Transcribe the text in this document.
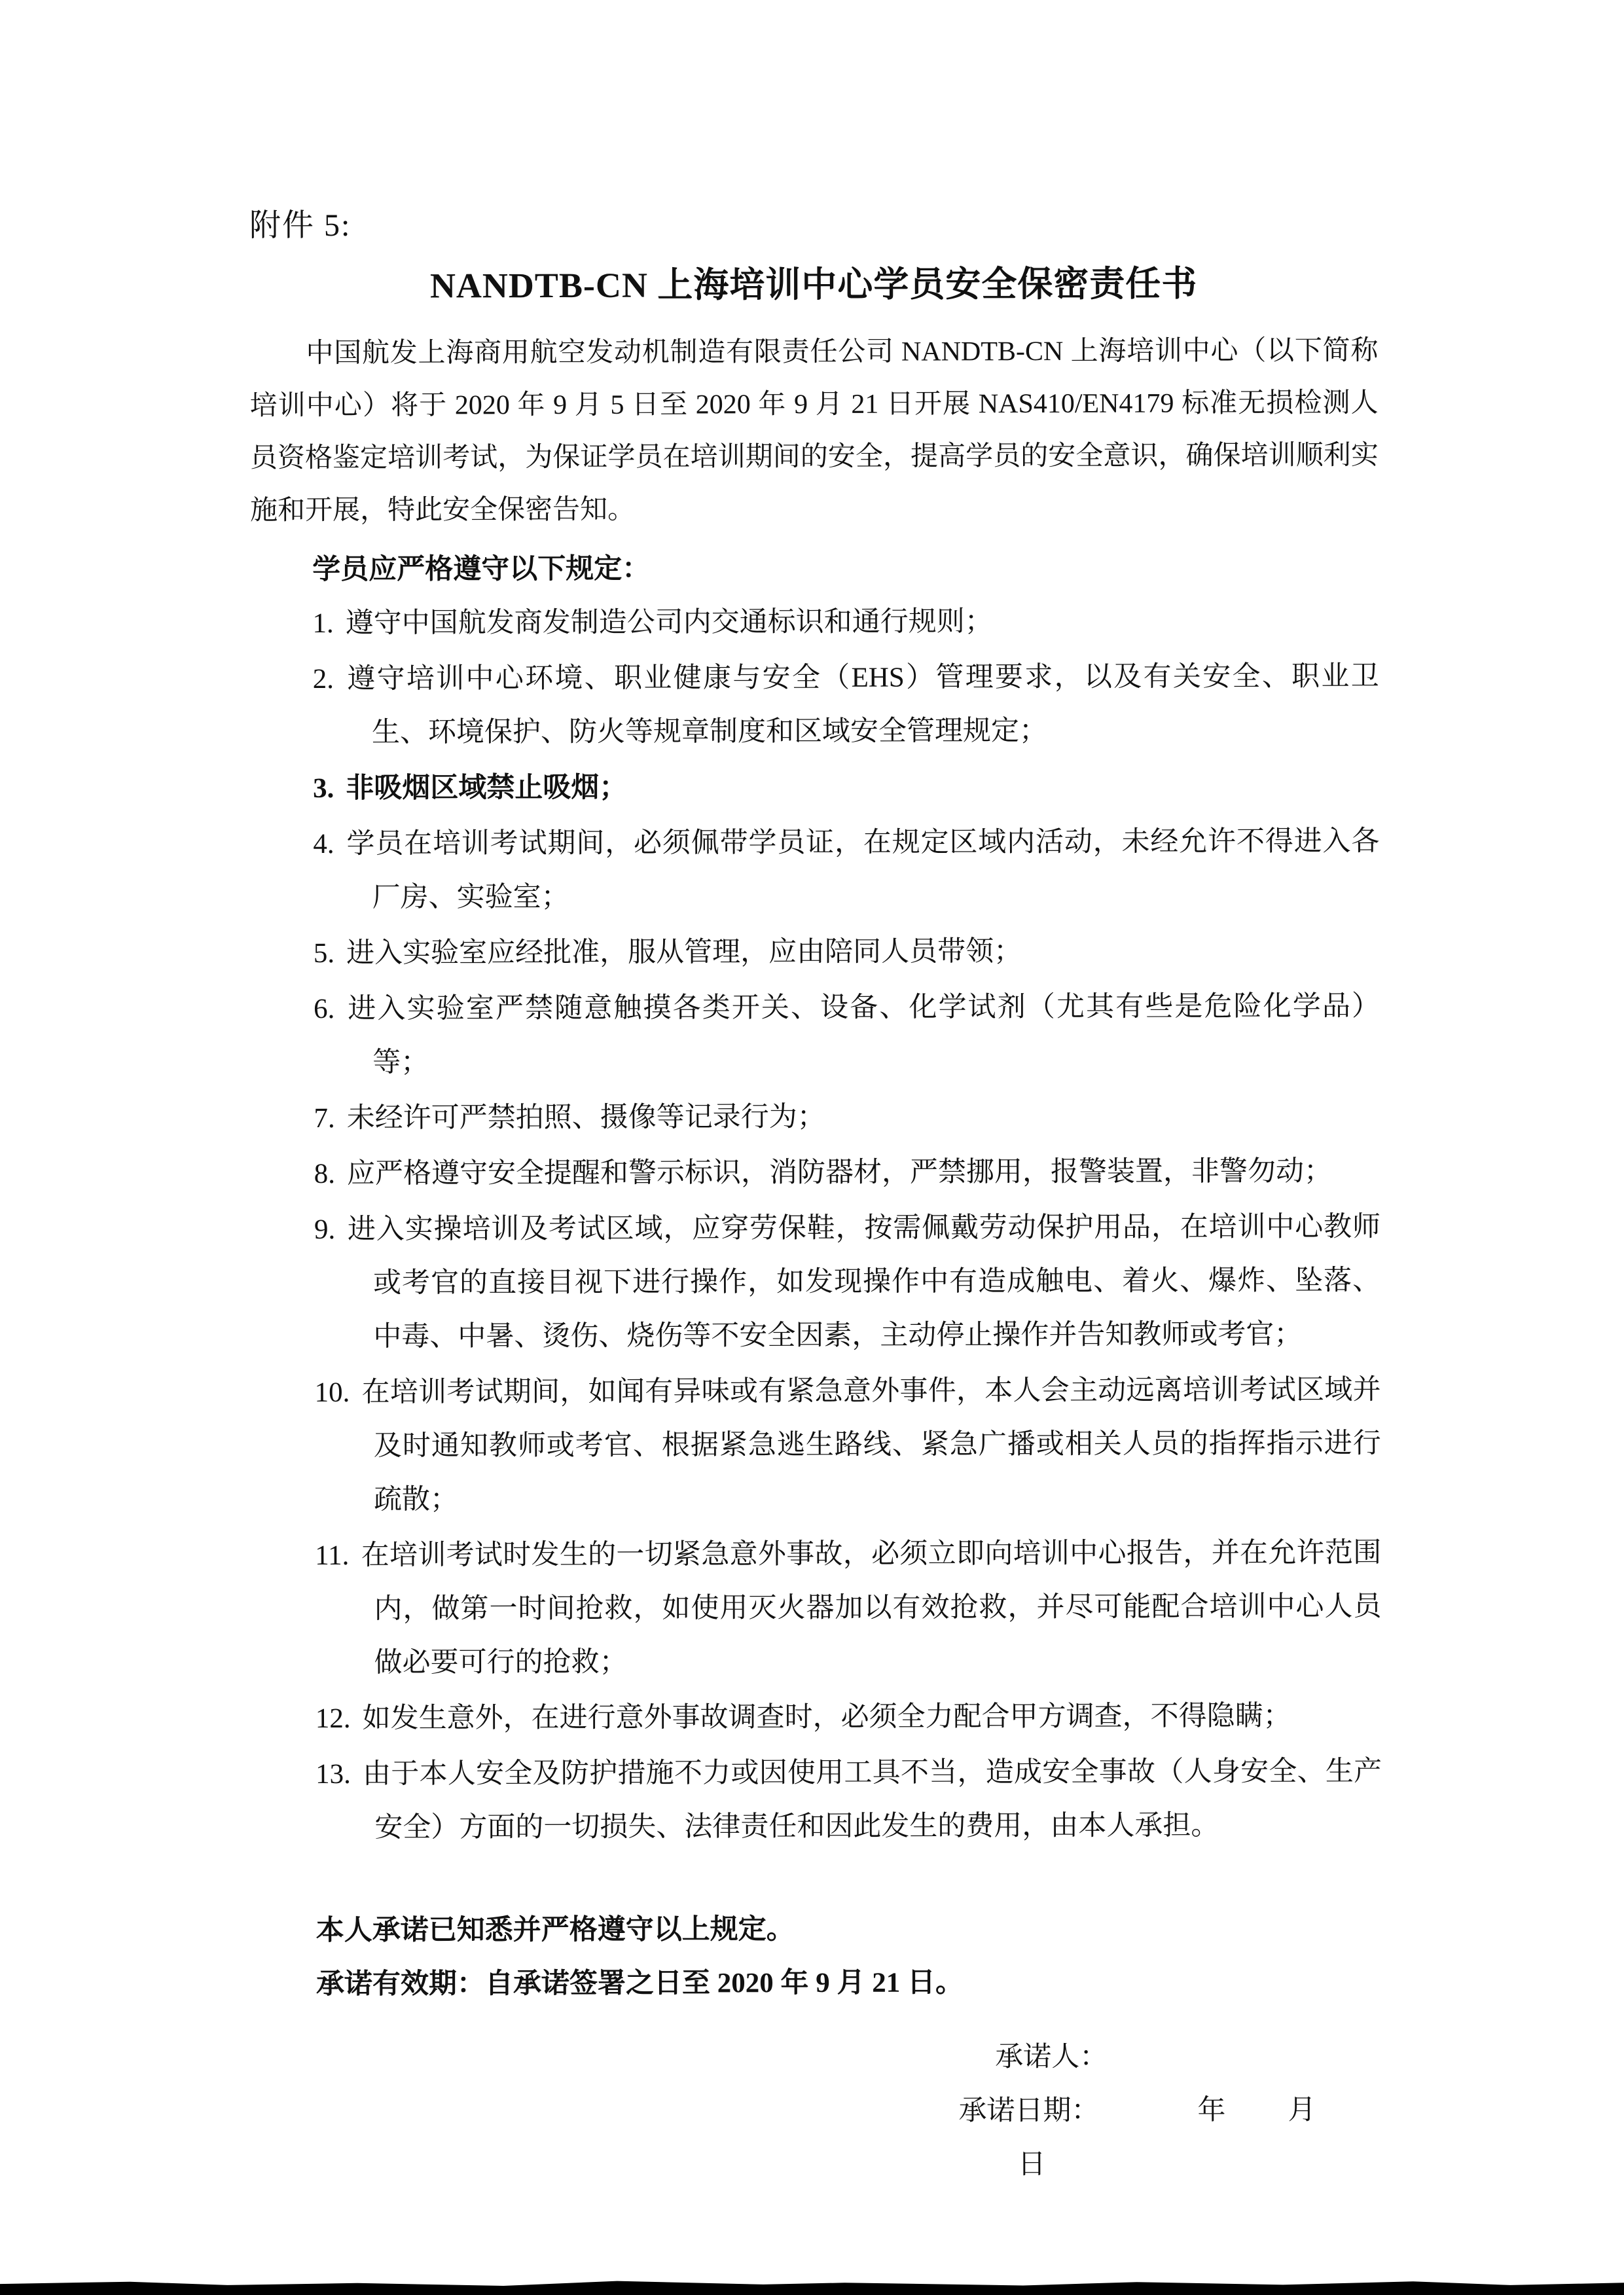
附件 5:
NANDTB-CN 上海培训中心学员安全保密责任书

中国航发上海商用航空发动机制造有限责任公司 NANDTB-CN 上海培训中心（以下简称培训中心）将于 2020 年 9 月 5 日至 2020 年 9 月 21 日开展 NAS410/EN4179 标准无损检测人员资格鉴定培训考试，为保证学员在培训期间的安全，提高学员的安全意识，确保培训顺利实施和开展，特此安全保密告知。

学员应严格遵守以下规定：
1. 遵守中国航发商发制造公司内交通标识和通行规则；
2. 遵守培训中心环境、职业健康与安全（EHS）管理要求，以及有关安全、职业卫生、环境保护、防火等规章制度和区域安全管理规定；
3. 非吸烟区域禁止吸烟；
4. 学员在培训考试期间，必须佩带学员证，在规定区域内活动，未经允许不得进入各厂房、实验室；
5. 进入实验室应经批准，服从管理，应由陪同人员带领；
6. 进入实验室严禁随意触摸各类开关、设备、化学试剂（尤其有些是危险化学品）等；
7. 未经许可严禁拍照、摄像等记录行为；
8. 应严格遵守安全提醒和警示标识，消防器材，严禁挪用，报警装置，非警勿动；
9. 进入实操培训及考试区域，应穿劳保鞋，按需佩戴劳动保护用品，在培训中心教师或考官的直接目视下进行操作，如发现操作中有造成触电、着火、爆炸、坠落、中毒、中暑、烫伤、烧伤等不安全因素，主动停止操作并告知教师或考官；
10. 在培训考试期间，如闻有异味或有紧急意外事件，本人会主动远离培训考试区域并及时通知教师或考官、根据紧急逃生路线、紧急广播或相关人员的指挥指示进行疏散；
11. 在培训考试时发生的一切紧急意外事故，必须立即向培训中心报告，并在允许范围内，做第一时间抢救，如使用灭火器加以有效抢救，并尽可能配合培训中心人员做必要可行的抢救；
12. 如发生意外，在进行意外事故调查时，必须全力配合甲方调查，不得隐瞒；
13. 由于本人安全及防护措施不力或因使用工具不当，造成安全事故（人身安全、生产安全）方面的一切损失、法律责任和因此发生的费用，由本人承担。
本人承诺已知悉并严格遵守以上规定。
承诺有效期：自承诺签署之日至 2020 年 9 月 21 日。
承诺人：
承诺日期：	年 月日
